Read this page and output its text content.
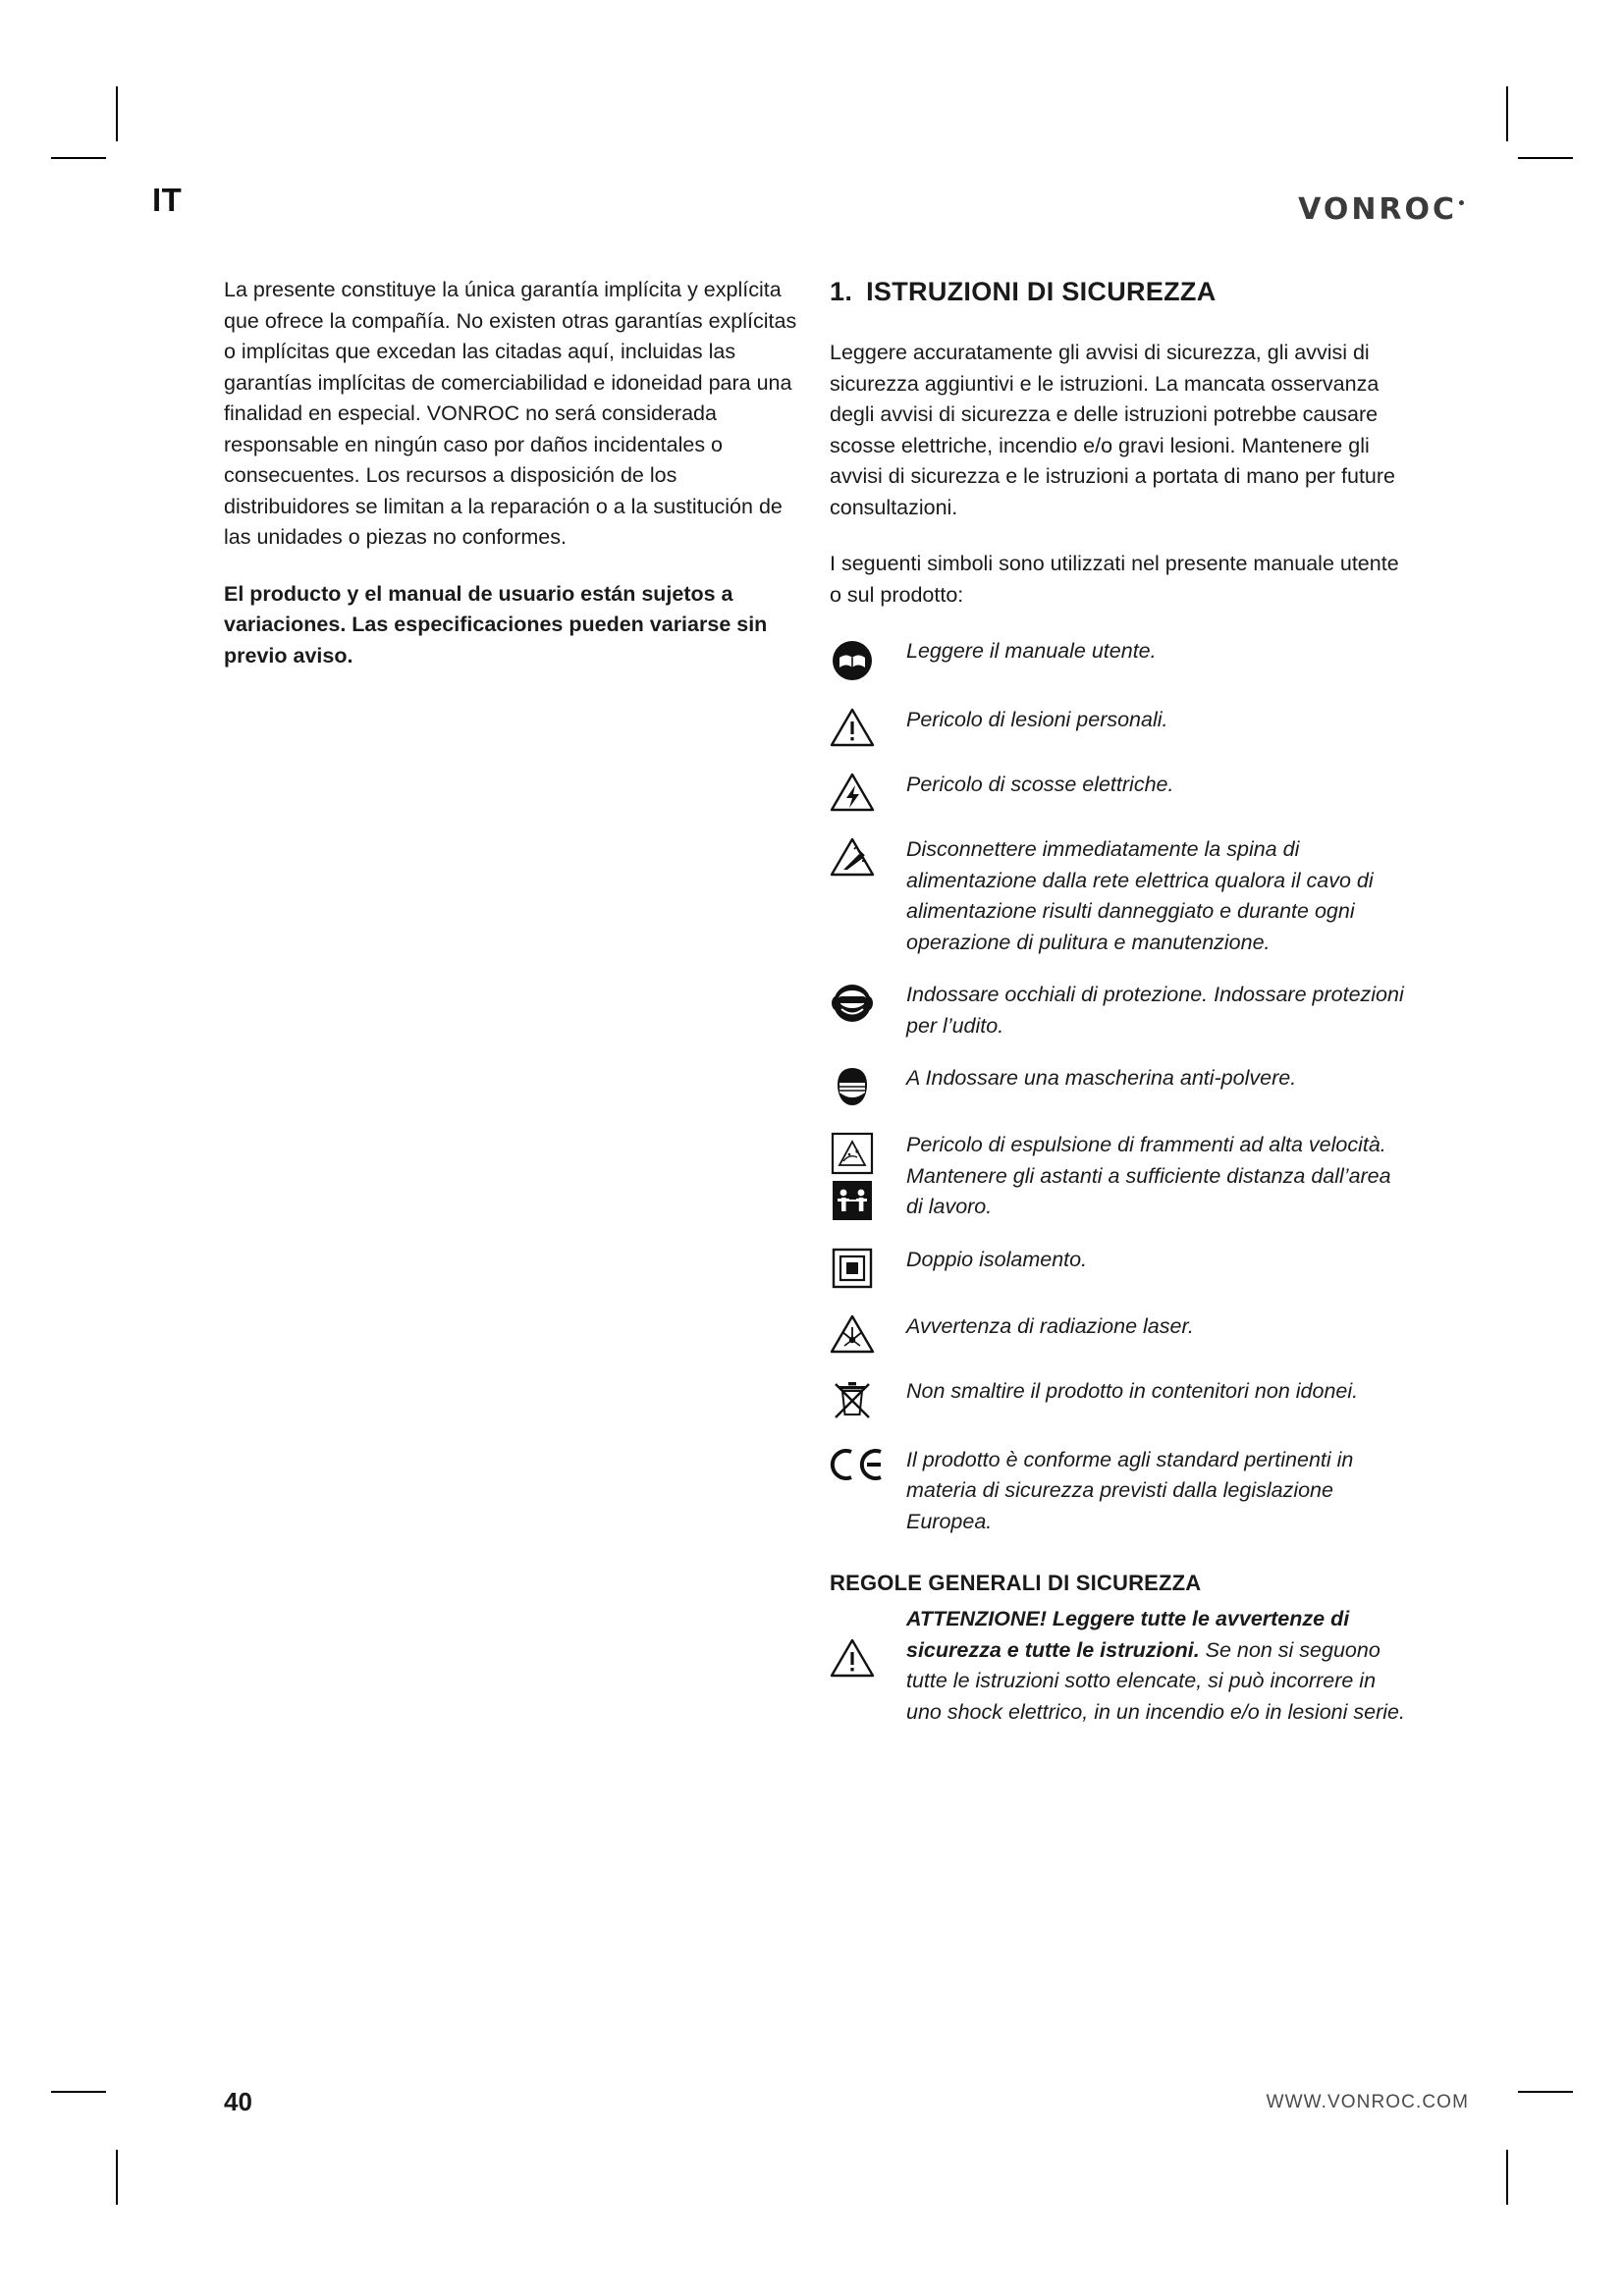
IT	VONROC•

La presente constituye la única garantía implícita y explícita que ofrece la compañía. No existen otras garantías explícitas o implícitas que excedan las citadas aquí, incluidas las garantías implícitas de comerciabilidad e idoneidad para una finalidad en especial. VONROC no será considerada responsable en ningún caso por daños incidentales o consecuentes. Los recursos a disposición de los distribuidores se limitan a la reparación o a la sustitución de las unidades o piezas no conformes.

El producto y el manual de usuario están sujetos a variaciones. Las especificaciones pueden variarse sin previo aviso.

1. ISTRUZIONI DI SICUREZZA

Leggere accuratamente gli avvisi di sicurezza, gli avvisi di sicurezza aggiuntivi e le istruzioni. La mancata osservanza degli avvisi di sicurezza e delle istruzioni potrebbe causare scosse elettriche, incendio e/o gravi lesioni. Mantenere gli avvisi di sicurezza e le istruzioni a portata di mano per future consultazioni.

I seguenti simboli sono utilizzati nel presente manuale utente o sul prodotto:

Leggere il manuale utente.
Pericolo di lesioni personali.
Pericolo di scosse elettriche.
Disconnettere immediatamente la spina di alimentazione dalla rete elettrica qualora il cavo di alimentazione risulti danneggiato e durante ogni operazione di pulitura e manutenzione.
Indossare occhiali di protezione. Indossare protezioni per l’udito.
A Indossare una mascherina anti-polvere.
Pericolo di espulsione di frammenti ad alta velocità. Mantenere gli astanti a sufficiente distanza dall’area di lavoro.
Doppio isolamento.
Avvertenza di radiazione laser.
Non smaltire il prodotto in contenitori non idonei.
Il prodotto è conforme agli standard pertinenti in materia di sicurezza previsti dalla legislazione Europea.
REGOLE GENERALI DI SICUREZZA
ATTENZIONE! Leggere tutte le avvertenze di sicurezza e tutte le istruzioni. Se non si seguono tutte le istruzioni sotto elencate, si può incorrere in uno shock elettrico, in un incendio e/o in lesioni serie.
40	WWW.VONROC.COM
